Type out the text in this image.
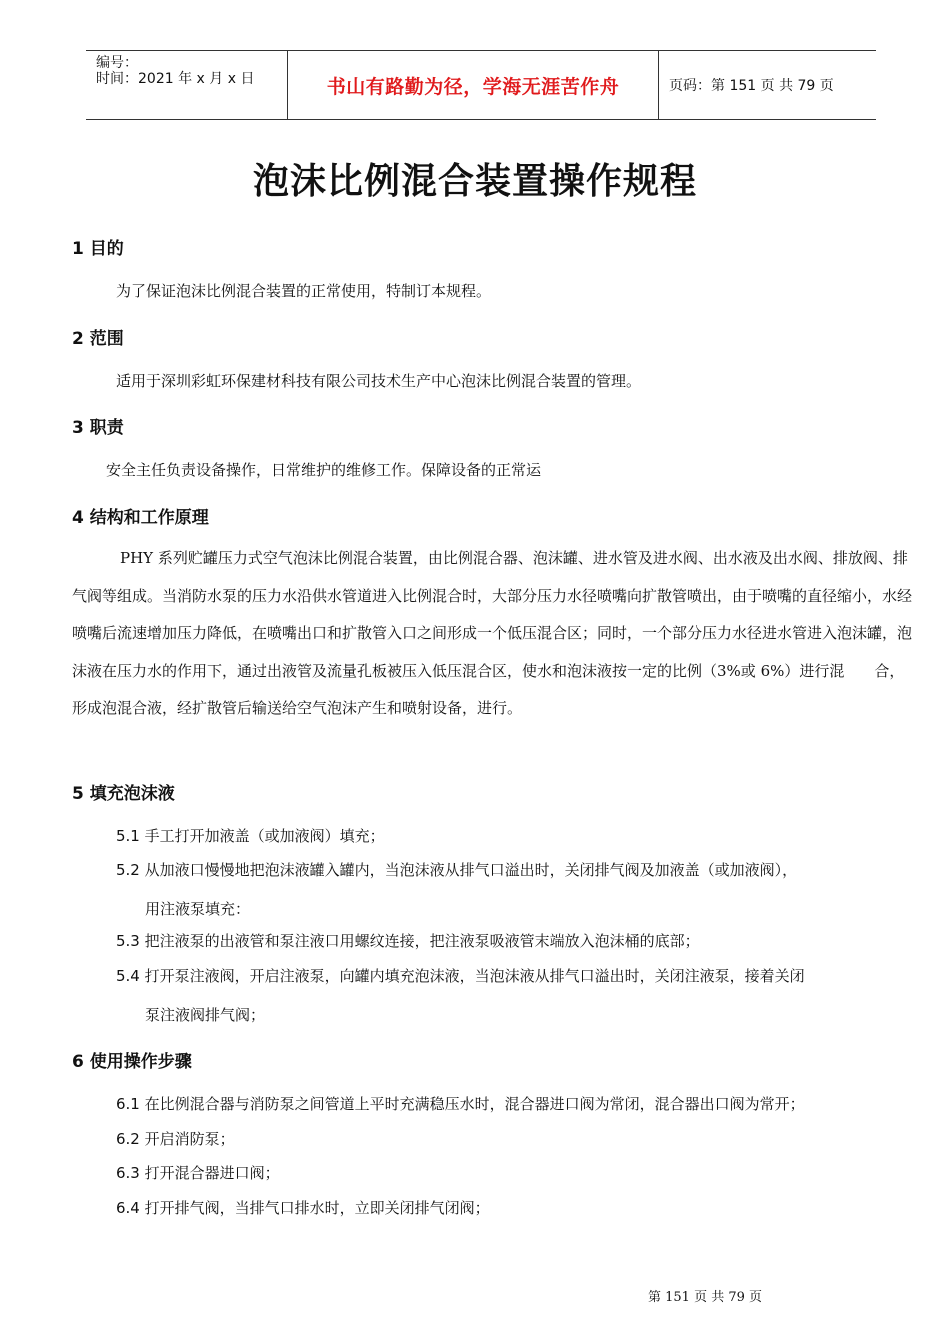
编号：
时间：2021 年 x 月 x 日	书山有路勤为径，学海无涯苦作舟	页码：第 151 页 共 79 页
泡沫比例混合装置操作规程
1 目的
为了保证泡沫比例混合装置的正常使用，特制订本规程。
2 范围
适用于深圳彩虹环保建材科技有限公司技术生产中心泡沫比例混合装置的管理。
3 职责
安全主任负责设备操作，日常维护的维修工作。保障设备的正常运
4 结构和工作原理
PHY 系列贮罐压力式空气泡沫比例混合装置，由比例混合器、泡沫罐、进水管及进水阀、出水液及出水阀、排放阀、排气阀等组成。当消防水泵的压力水沿供水管道进入比例混合时，大部分压力水径喷嘴向扩散管喷出，由于喷嘴的直径缩小，水经喷嘴后流速增加压力降低，在喷嘴出口和扩散管入口之间形成一个低压混合区；同时，一个部分压力水径进水管进入泡沫罐，泡沫液在压力水的作用下，通过出液管及流量孔板被压入低压混合区，使水和泡沫液按一定的比例（3%或 6%）进行混　　合，形成泡混合液，经扩散管后输送给空气泡沫产生和喷射设备，进行。
5 填充泡沫液
5.1 手工打开加液盖（或加液阀）填充；
5.2 从加液口慢慢地把泡沫液罐入罐内，当泡沫液从排气口溢出时，关闭排气阀及加液盖（或加液阀），
用注液泵填充：
5.3 把注液泵的出液管和泵注液口用螺纹连接，把注液泵吸液管末端放入泡沫桶的底部；
5.4 打开泵注液阀，开启注液泵，向罐内填充泡沫液，当泡沫液从排气口溢出时，关闭注液泵，接着关闭
泵注液阀排气阀；
6 使用操作步骤
6.1 在比例混合器与消防泵之间管道上平时充满稳压水时，混合器进口阀为常闭，混合器出口阀为常开；
6.2 开启消防泵；
6.3 打开混合器进口阀；
6.4 打开排气阀，当排气口排水时，立即关闭排气闭阀；
第 151 页 共 79 页
